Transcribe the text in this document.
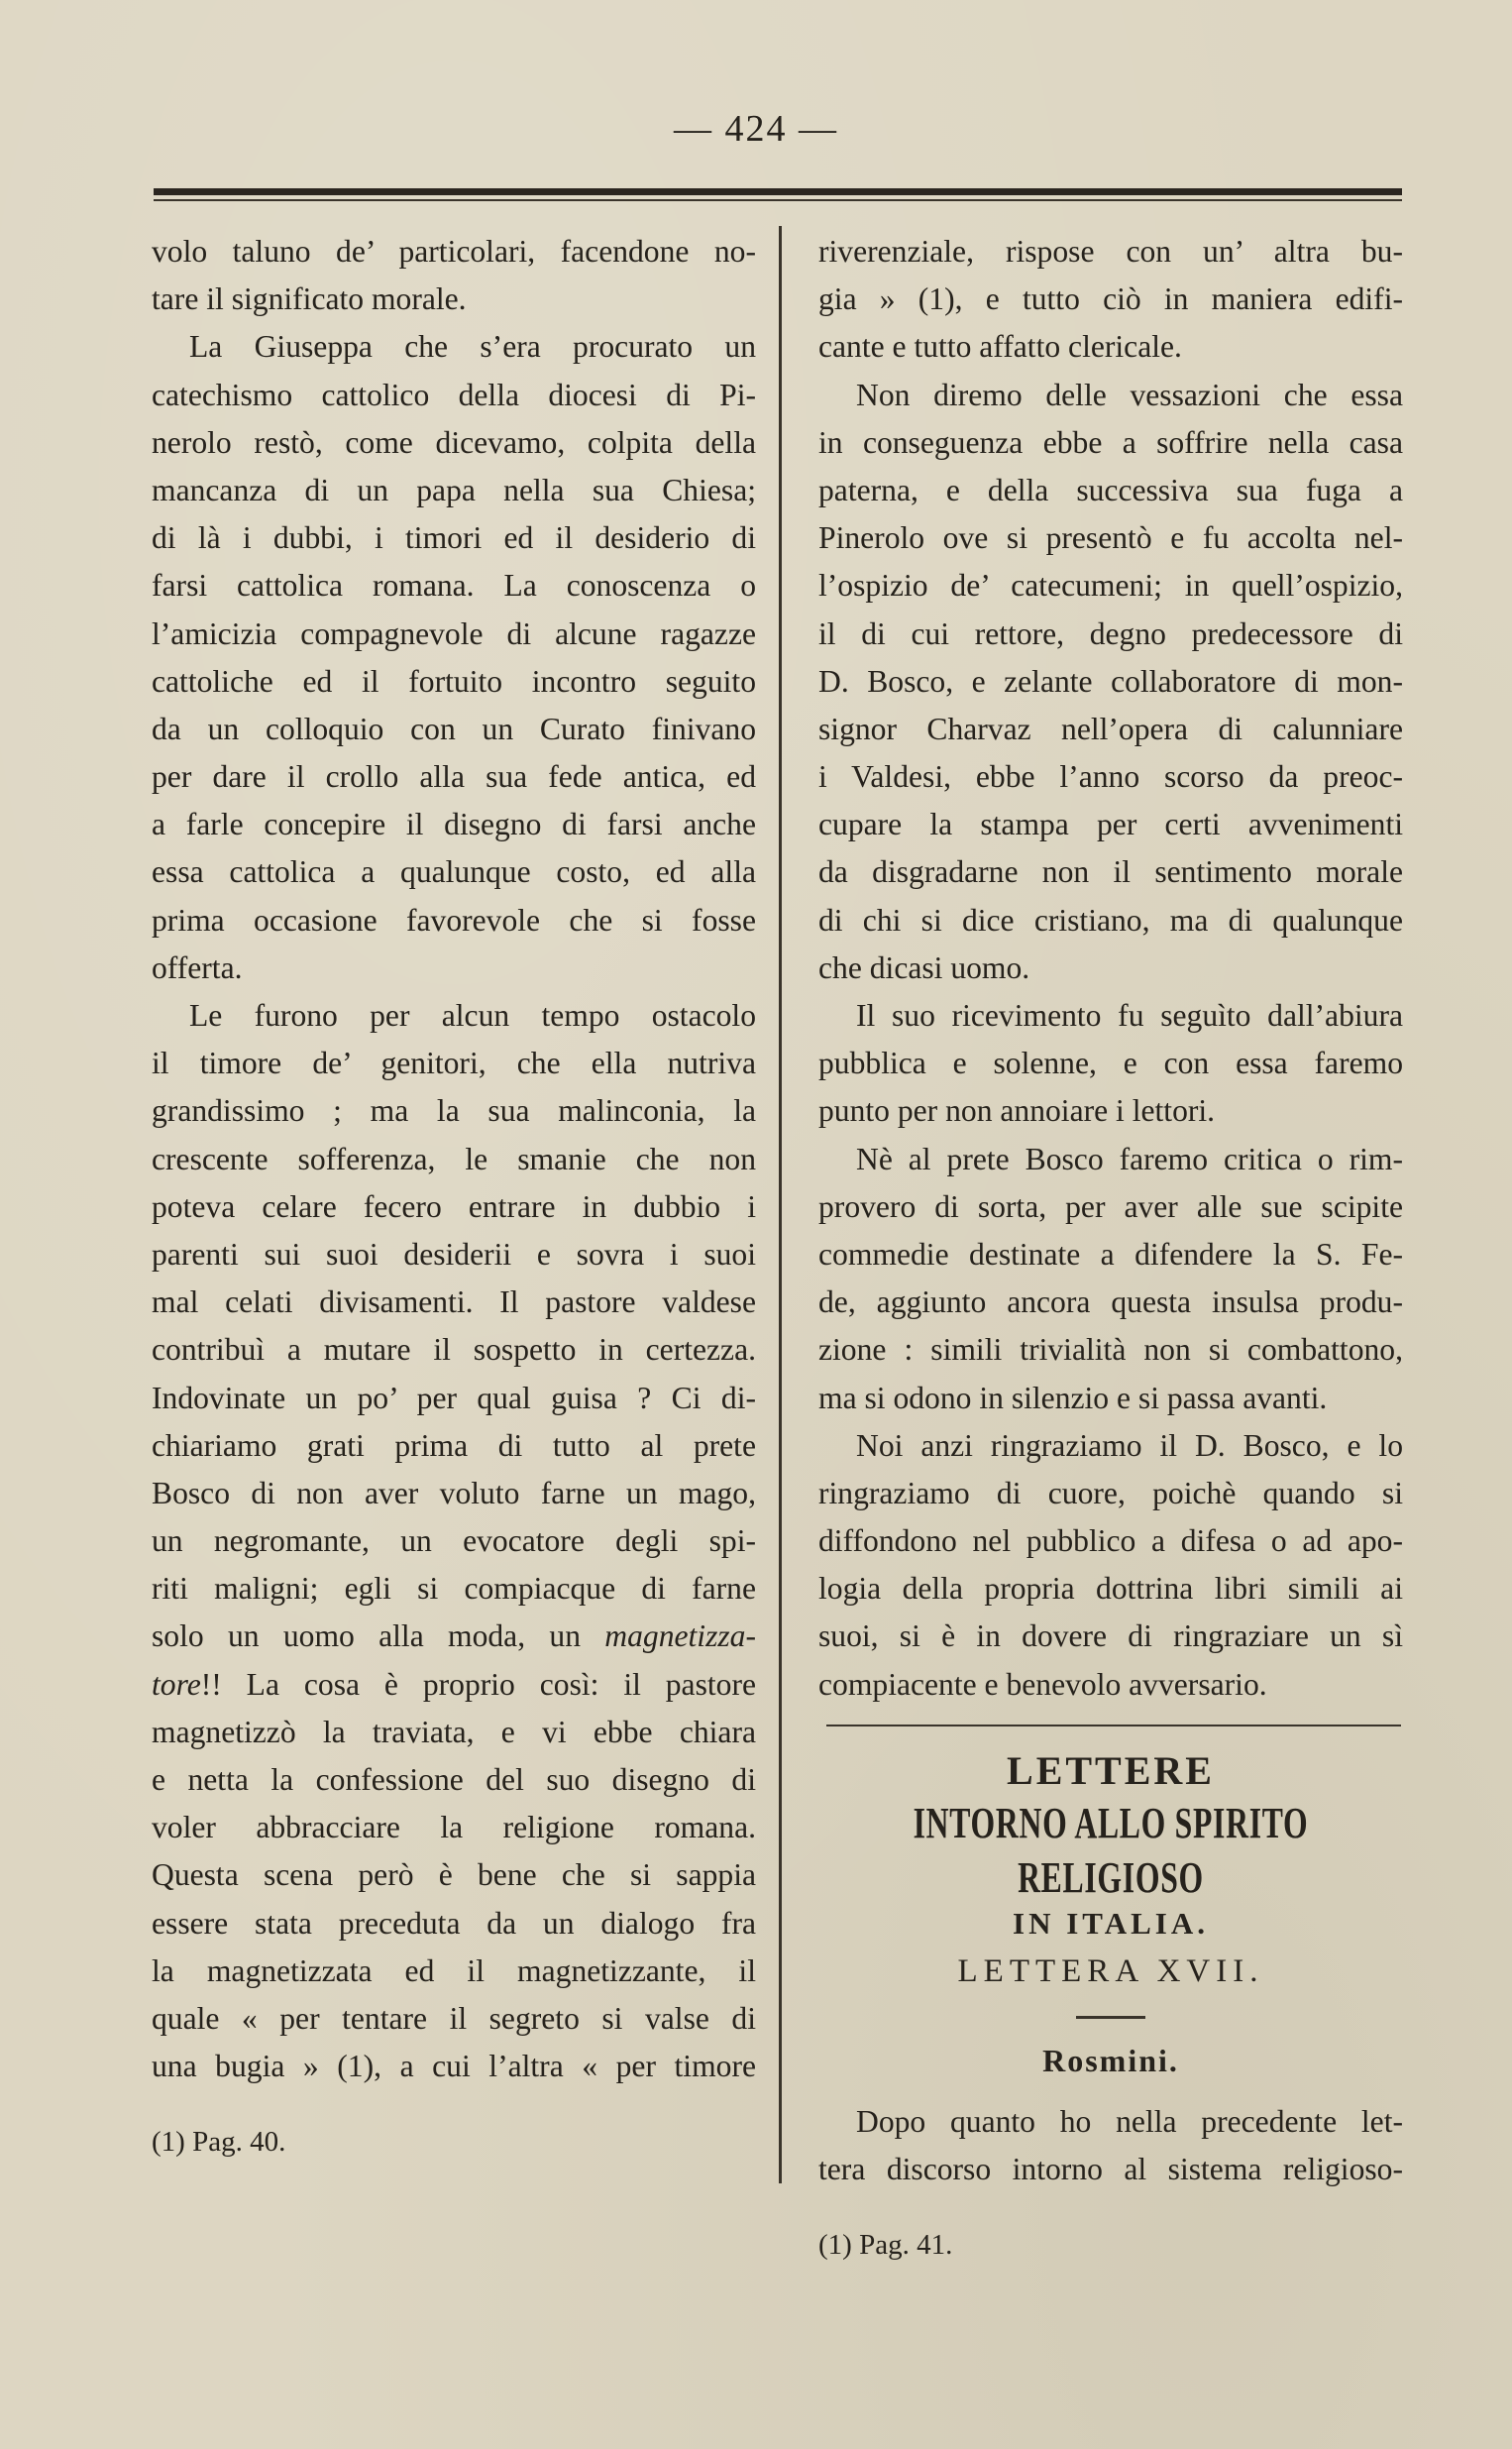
— 424 —
volo taluno de’ particolari, facendone no-
tare il significato morale.
La Giuseppa che s’era procurato un
catechismo cattolico della diocesi di Pi-
nerolo restò, come dicevamo, colpita della
mancanza di un papa nella sua Chiesa;
di là i dubbi, i timori ed il desiderio di
farsi cattolica romana. La conoscenza o
l’amicizia compagnevole di alcune ragazze
cattoliche ed il fortuito incontro seguito
da un colloquio con un Curato finivano
per dare il crollo alla sua fede antica, ed
a farle concepire il disegno di farsi anche
essa cattolica a qualunque costo, ed alla
prima occasione favorevole che si fosse
offerta.
Le furono per alcun tempo ostacolo
il timore de’ genitori, che ella nutriva
grandissimo ; ma la sua malinconia, la
crescente sofferenza, le smanie che non
poteva celare fecero entrare in dubbio i
parenti sui suoi desiderii e sovra i suoi
mal celati divisamenti. Il pastore valdese
contribuì a mutare il sospetto in certezza.
Indovinate un po’ per qual guisa ? Ci di-
chiariamo grati prima di tutto al prete
Bosco di non aver voluto farne un mago,
un negromante, un evocatore degli spi-
riti maligni; egli si compiacque di farne
solo un uomo alla moda, un magnetizza-
tore!! La cosa è proprio così: il pastore
magnetizzò la traviata, e vi ebbe chiara
e netta la confessione del suo disegno di
voler abbracciare la religione romana.
Questa scena però è bene che si sappia
essere stata preceduta da un dialogo fra
la magnetizzata ed il magnetizzante, il
quale « per tentare il segreto si valse di
una bugia » (1), a cui l’altra « per timore
(1) Pag. 40.
riverenziale, rispose con un’ altra bu-
gia » (1), e tutto ciò in maniera edifi-
cante e tutto affatto clericale.
Non diremo delle vessazioni che essa
in conseguenza ebbe a soffrire nella casa
paterna, e della successiva sua fuga a
Pinerolo ove si presentò e fu accolta nel-
l’ospizio de’ catecumeni; in quell’ospizio,
il di cui rettore, degno predecessore di
D. Bosco, e zelante collaboratore di mon-
signor Charvaz nell’opera di calunniare
i Valdesi, ebbe l’anno scorso da preoc-
cupare la stampa per certi avvenimenti
da disgradarne non il sentimento morale
di chi si dice cristiano, ma di qualunque
che dicasi uomo.
Il suo ricevimento fu seguìto dall’abiura
pubblica e solenne, e con essa faremo
punto per non annoiare i lettori.
Nè al prete Bosco faremo critica o rim-
provero di sorta, per aver alle sue scipite
commedie destinate a difendere la S. Fe-
de, aggiunto ancora questa insulsa produ-
zione : simili trivialità non si combattono,
ma si odono in silenzio e si passa avanti.
Noi anzi ringraziamo il D. Bosco, e lo
ringraziamo di cuore, poichè quando si
diffondono nel pubblico a difesa o ad apo-
logia della propria dottrina libri simili ai
suoi, si è in dovere di ringraziare un sì
compiacente e benevolo avversario.
LETTERE
INTORNO ALLO SPIRITO RELIGIOSO
IN ITALIA.
LETTERA XVII.
Rosmini.
Dopo quanto ho nella precedente let-
tera discorso intorno al sistema religioso-
(1) Pag. 41.
